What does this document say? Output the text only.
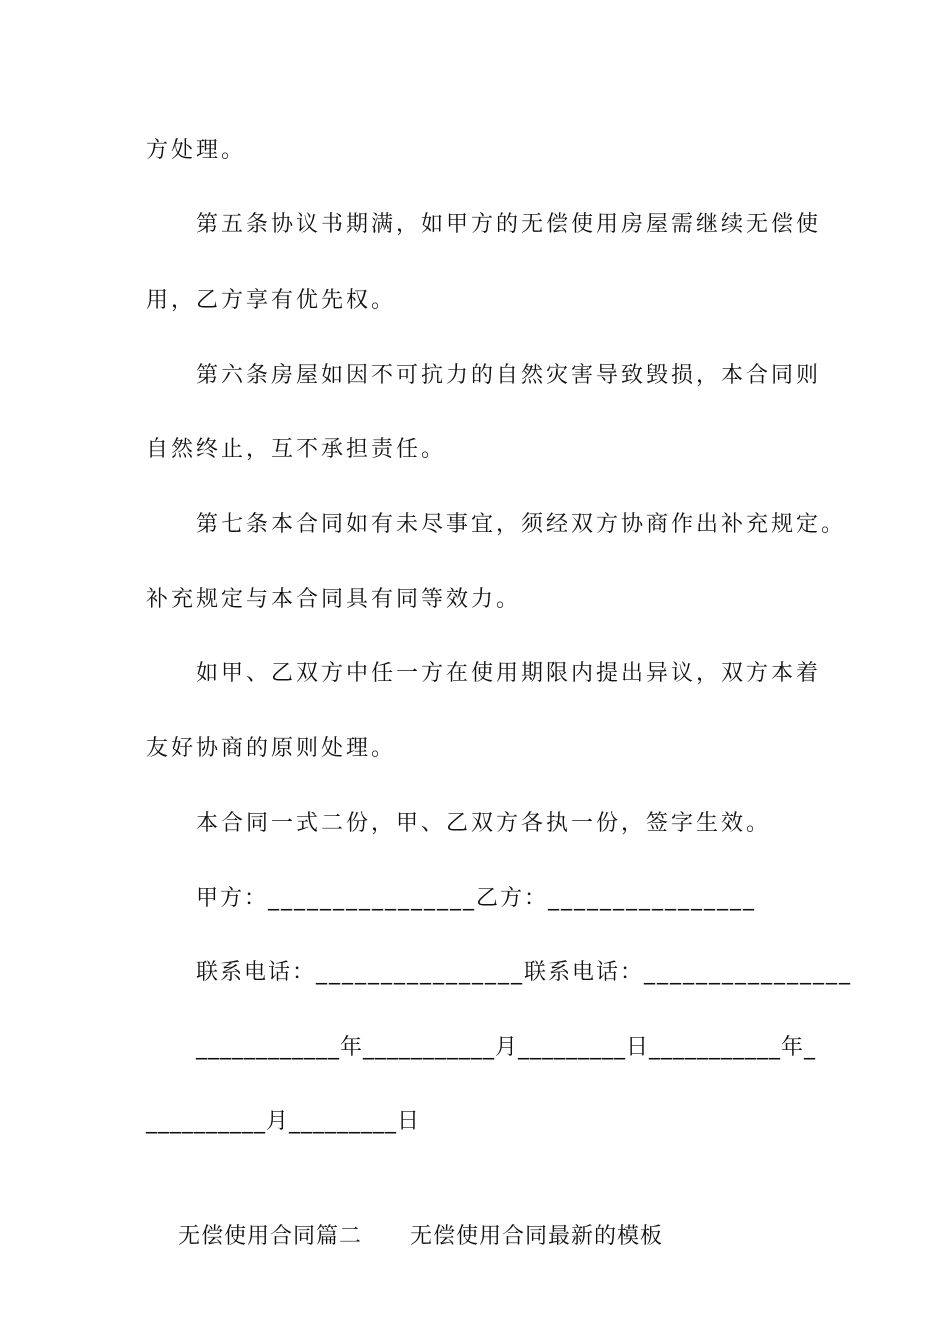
方处理。
第五条协议书期满，如甲方的无偿使用房屋需继续无偿使
用，乙方享有优先权。
第六条房屋如因不可抗力的自然灾害导致毁损，本合同则
自然终止，互不承担责任。
第七条本合同如有未尽事宜，须经双方协商作出补充规定。
补充规定与本合同具有同等效力。
如甲、乙双方中任一方在使用期限内提出异议，双方本着
友好协商的原则处理。
本合同一式二份，甲、乙双方各执一份，签字生效。
甲方：________________乙方：________________
联系电话：________________联系电话：________________
____________年___________月_________日___________年_
__________月_________日

无偿使用合同篇二 无偿使用合同最新的模板
